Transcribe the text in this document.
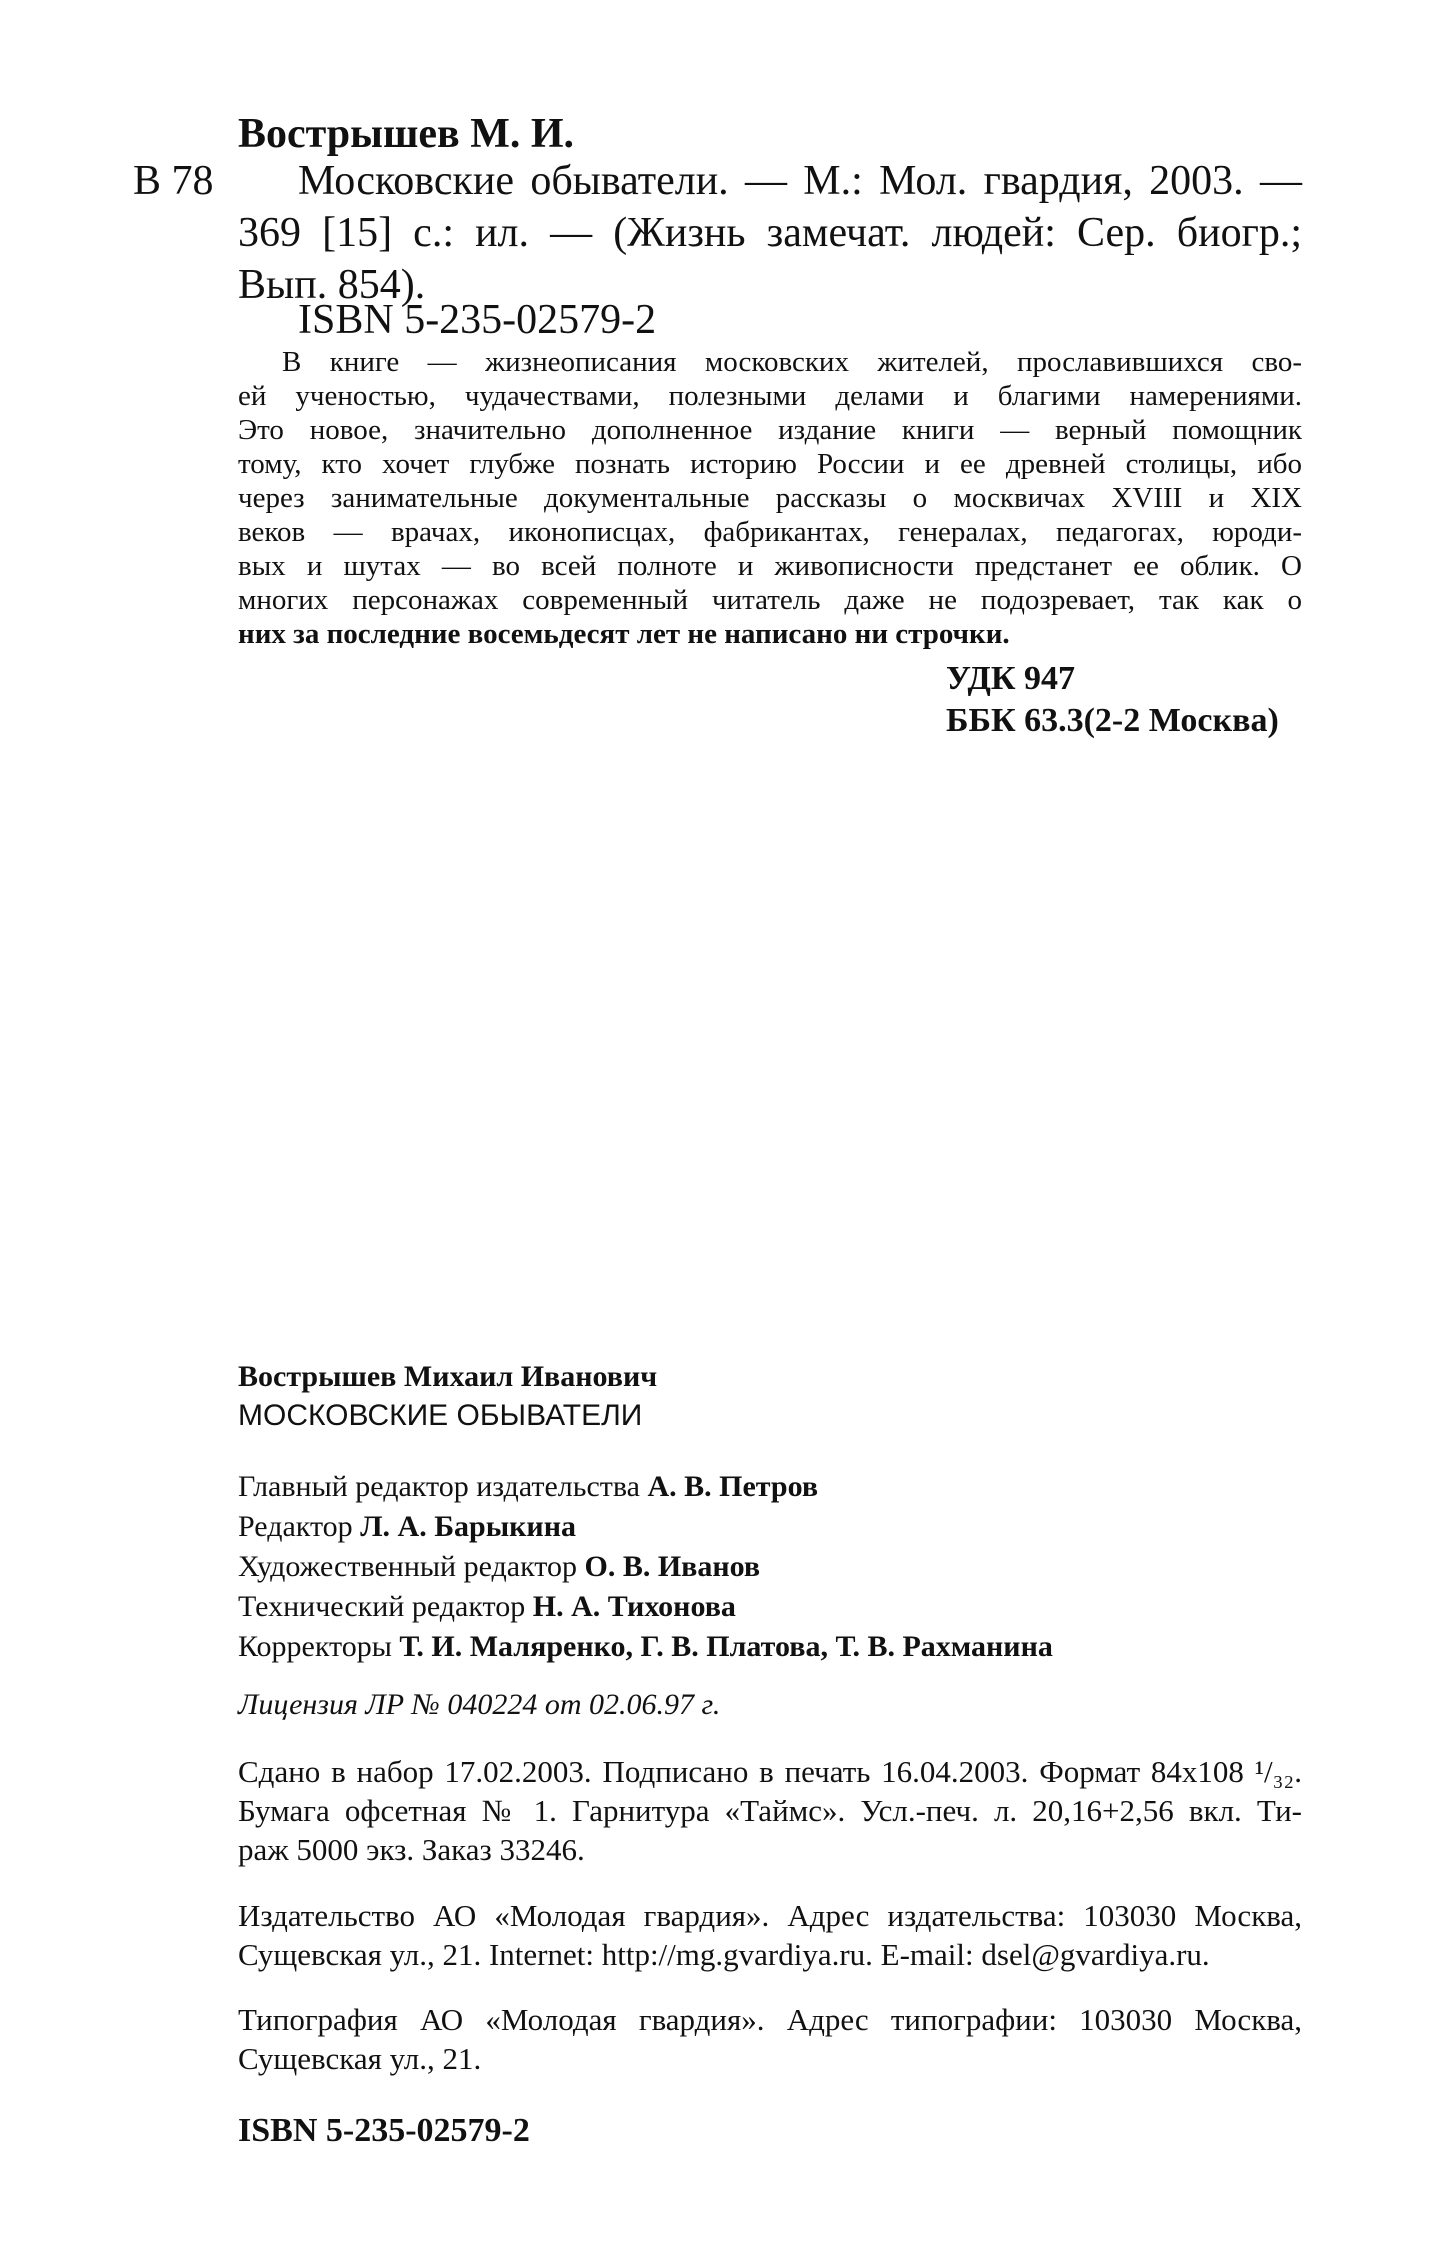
Вострышев М. И.
В 78	Московские обыватели. — М.: Мол. гвардия, 2003. —
369 [15] с.: ил. — (Жизнь замечат. людей: Сер. биогр.;
Вып. 854).
ISBN 5-235-02579-2
В книге — жизнеописания московских жителей, прославившихся сво-
ей ученостью, чудачествами, полезными делами и благими намерениями.
Это новое, значительно дополненное издание книги — верный помощник
тому, кто хочет глубже познать историю России и ее древней столицы, ибо
через занимательные документальные рассказы о москвичах XVIII и XIX
веков — врачах, иконописцах, фабрикантах, генералах, педагогах, юроди-
вых и шутах — во всей полноте и живописности предстанет ее облик. О
многих персонажах современный читатель даже не подозревает, так как о
них за последние восемьдесят лет не написано ни строчки.
УДК 947
ББК 63.3(2-2 Москва)
Вострышев Михаил Иванович
МОСКОВСКИЕ ОБЫВАТЕЛИ
Главный редактор издательства А. В. Петров
Редактор Л. А. Барыкина
Художественный редактор О. В. Иванов
Технический редактор Н. А. Тихонова
Корректоры Т. И. Маляренко, Г. В. Платова, Т. В. Рахманина
Лицензия ЛР № 040224 от 02.06.97 г.
Сдано в набор 17.02.2003. Подписано в печать 16.04.2003. Формат 84x108 ¹/₃₂.
Бумага офсетная № 1. Гарнитура «Таймс». Усл.-печ. л. 20,16+2,56 вкл. Ти-
раж 5000 экз. Заказ 33246.
Издательство АО «Молодая гвардия». Адрес издательства: 103030 Москва,
Сущевская ул., 21. Internet: http://mg.gvardiya.ru. E-mail: dsel@gvardiya.ru.
Типография АО «Молодая гвардия». Адрес типографии: 103030 Москва,
Сущевская ул., 21.
ISBN 5-235-02579-2
